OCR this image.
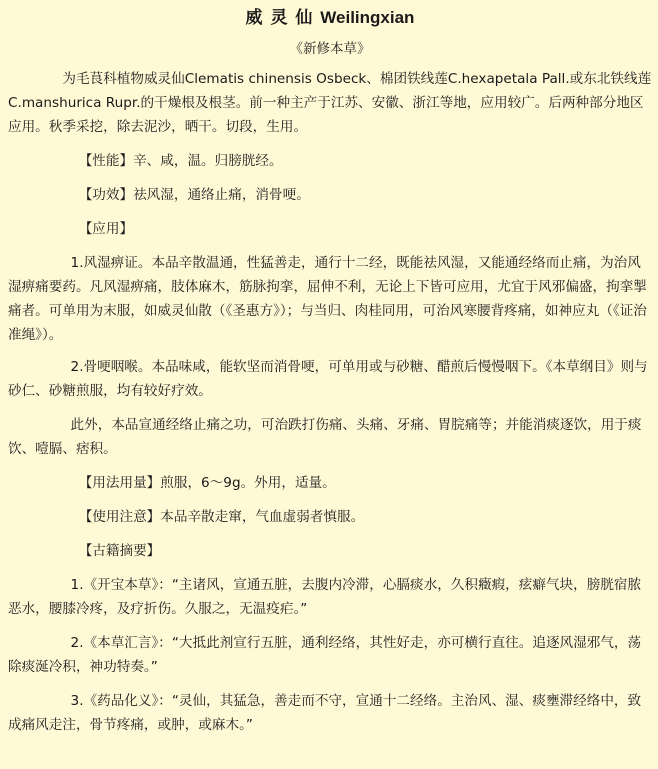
威 灵 仙 Weilingxian
《新修本草》

为毛茛科植物威灵仙Clematis chinensis Osbeck、棉团铁线莲C.hexapetala Pall.或东北铁线莲C.manshurica Rupr.的干燥根及根茎。前一种主产于江苏、安徽、浙江等地，应用较广。后两种部分地区应用。秋季采挖，除去泥沙，晒干。切段，生用。

【性能】辛、咸，温。归膀胱经。

【功效】祛风湿，通络止痛，消骨哽。

【应用】

1.风湿痹证。本品辛散温通，性猛善走，通行十二经，既能祛风湿，又能通经络而止痛，为治风湿痹痛要药。凡风湿痹痛，肢体麻木，筋脉拘挛，屈伸不利，无论上下皆可应用，尤宜于风邪偏盛，拘挛掣痛者。可单用为末服，如威灵仙散（《圣惠方》）；与当归、肉桂同用，可治风寒腰背疼痛，如神应丸（《证治准绳》）。

2.骨哽咽喉。本品味咸，能软坚而消骨哽，可单用或与砂糖、醋煎后慢慢咽下。《本草纲目》则与砂仁、砂糖煎服，均有较好疗效。

此外，本品宣通经络止痛之功，可治跌打伤痛、头痛、牙痛、胃脘痛等；并能消痰逐饮，用于痰饮、噎膈、痞积。

【用法用量】煎服，6～9g。外用，适量。

【使用注意】本品辛散走窜，气血虚弱者慎服。

【古籍摘要】

1.《开宝本草》：“主诸风，宣通五脏，去腹内冷滞，心膈痰水，久积癥瘕，痃癖气块，膀胱宿脓恶水，腰膝冷疼，及疗折伤。久服之，无温疫疟。”

2.《本草汇言》：“大抵此剂宣行五脏，通利经络，其性好走，亦可横行直往。追逐风湿邪气，荡除痰涎冷积，神功特奏。”

3.《药品化义》：“灵仙，其猛急，善走而不守，宣通十二经络。主治风、湿、痰壅滞经络中，致成痛风走注，骨节疼痛，或肿，或麻木。”
